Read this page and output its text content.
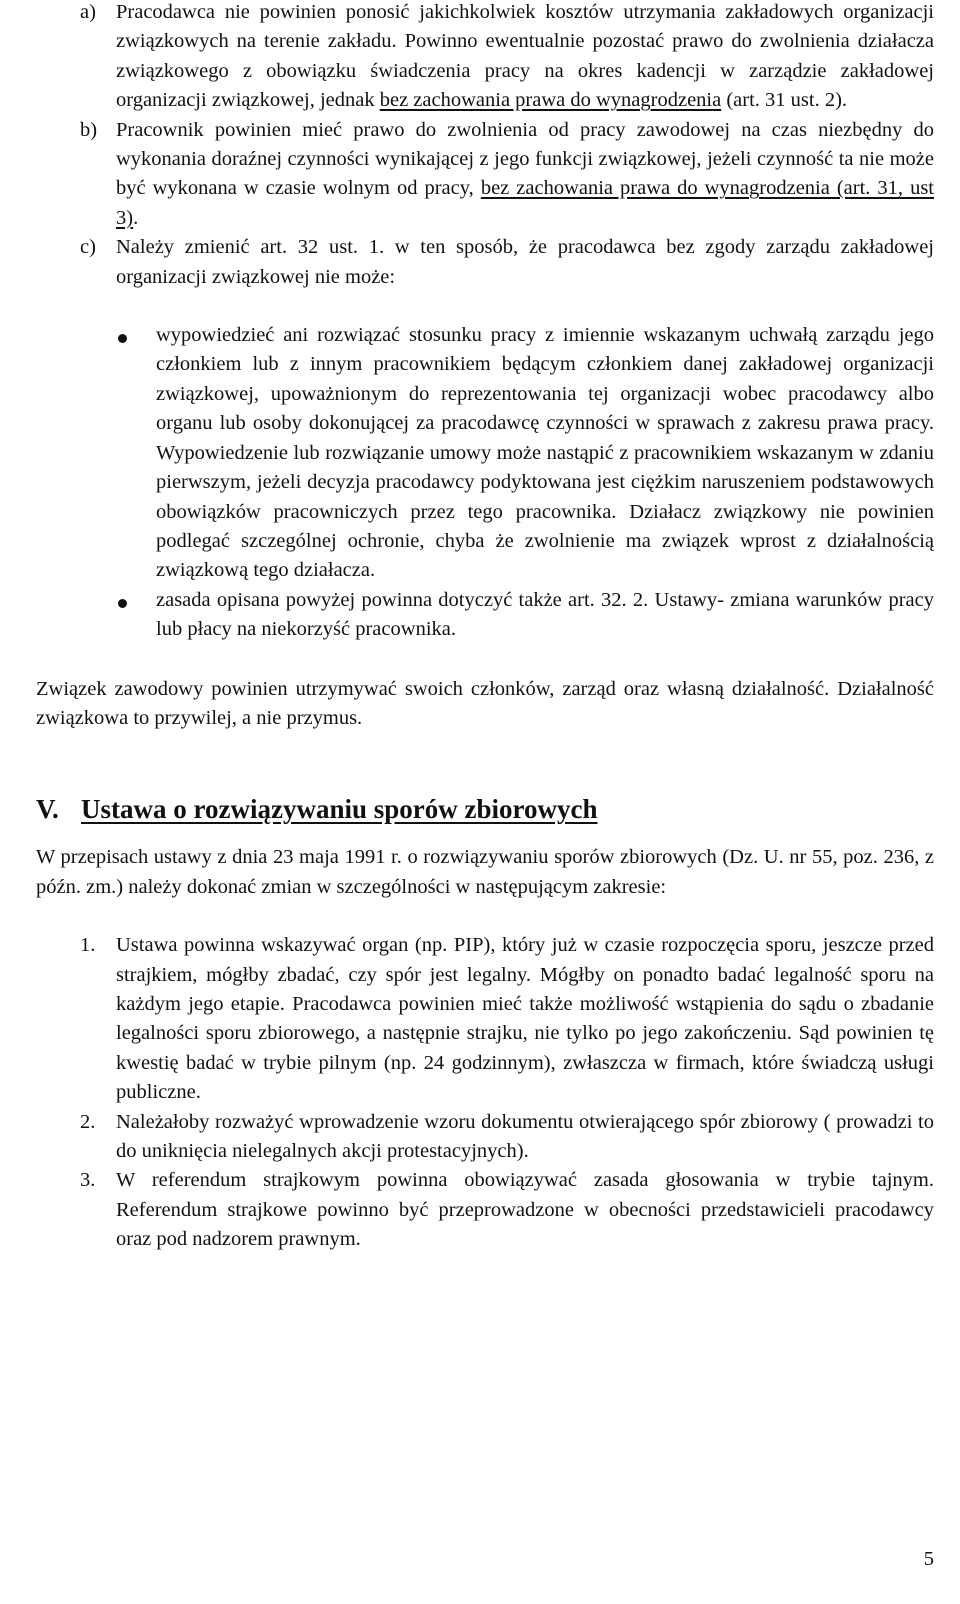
a) Pracodawca nie powinien ponosić jakichkolwiek kosztów utrzymania zakładowych organizacji związkowych na terenie zakładu. Powinno ewentualnie pozostać prawo do zwolnienia działacza związkowego z obowiązku świadczenia pracy na okres kadencji w zarządzie zakładowej organizacji związkowej, jednak bez zachowania prawa do wynagrodzenia (art. 31 ust. 2).

b) Pracownik powinien mieć prawo do zwolnienia od pracy zawodowej na czas niezbędny do wykonania doraźnej czynności wynikającej z jego funkcji związkowej, jeżeli czynność ta nie może być wykonana w czasie wolnym od pracy, bez zachowania prawa do wynagrodzenia (art. 31, ust 3).

c) Należy zmienić art. 32 ust. 1. w ten sposób, że pracodawca bez zgody zarządu zakładowej organizacji związkowej nie może:

wypowiedzieć ani rozwiązać stosunku pracy z imiennie wskazanym uchwałą zarządu jego członkiem lub z innym pracownikiem będącym członkiem danej zakładowej organizacji związkowej, upoważnionym do reprezentowania tej organizacji wobec pracodawcy albo organu lub osoby dokonującej za pracodawcę czynności w sprawach z zakresu prawa pracy. Wypowiedzenie lub rozwiązanie umowy może nastąpić z pracownikiem wskazanym w zdaniu pierwszym, jeżeli decyzja pracodawcy podyktowana jest ciężkim naruszeniem podstawowych obowiązków pracowniczych przez tego pracownika. Działacz związkowy nie powinien podlegać szczególnej ochronie, chyba że zwolnienie ma związek wprost z działalnością związkową tego działacza.

zasada opisana powyżej powinna dotyczyć także art. 32. 2. Ustawy- zmiana warunków pracy lub płacy na niekorzyść pracownika.

Związek zawodowy powinien utrzymywać swoich członków, zarząd oraz własną działalność. Działalność związkowa to przywilej, a nie przymus.

V. Ustawa o rozwiązywaniu sporów zbiorowych

W przepisach ustawy z dnia 23 maja 1991 r. o rozwiązywaniu sporów zbiorowych (Dz. U. nr 55, poz. 236, z późn. zm.) należy dokonać zmian w szczególności w następującym zakresie:

1. Ustawa powinna wskazywać organ (np. PIP), który już w czasie rozpoczęcia sporu, jeszcze przed strajkiem, mógłby zbadać, czy spór jest legalny. Mógłby on ponadto badać legalność sporu na każdym jego etapie. Pracodawca powinien mieć także możliwość wstąpienia do sądu o zbadanie legalności sporu zbiorowego, a następnie strajku, nie tylko po jego zakończeniu. Sąd powinien tę kwestię badać w trybie pilnym (np. 24 godzinnym), zwłaszcza w firmach, które świadczą usługi publiczne.

2. Należałoby rozważyć wprowadzenie wzoru dokumentu otwierającego spór zbiorowy ( prowadzi to do uniknięcia nielegalnych akcji protestacyjnych).

3. W referendum strajkowym powinna obowiązywać zasada głosowania w trybie tajnym. Referendum strajkowe powinno być przeprowadzone w obecności przedstawicieli pracodawcy oraz pod nadzorem prawnym.

5
